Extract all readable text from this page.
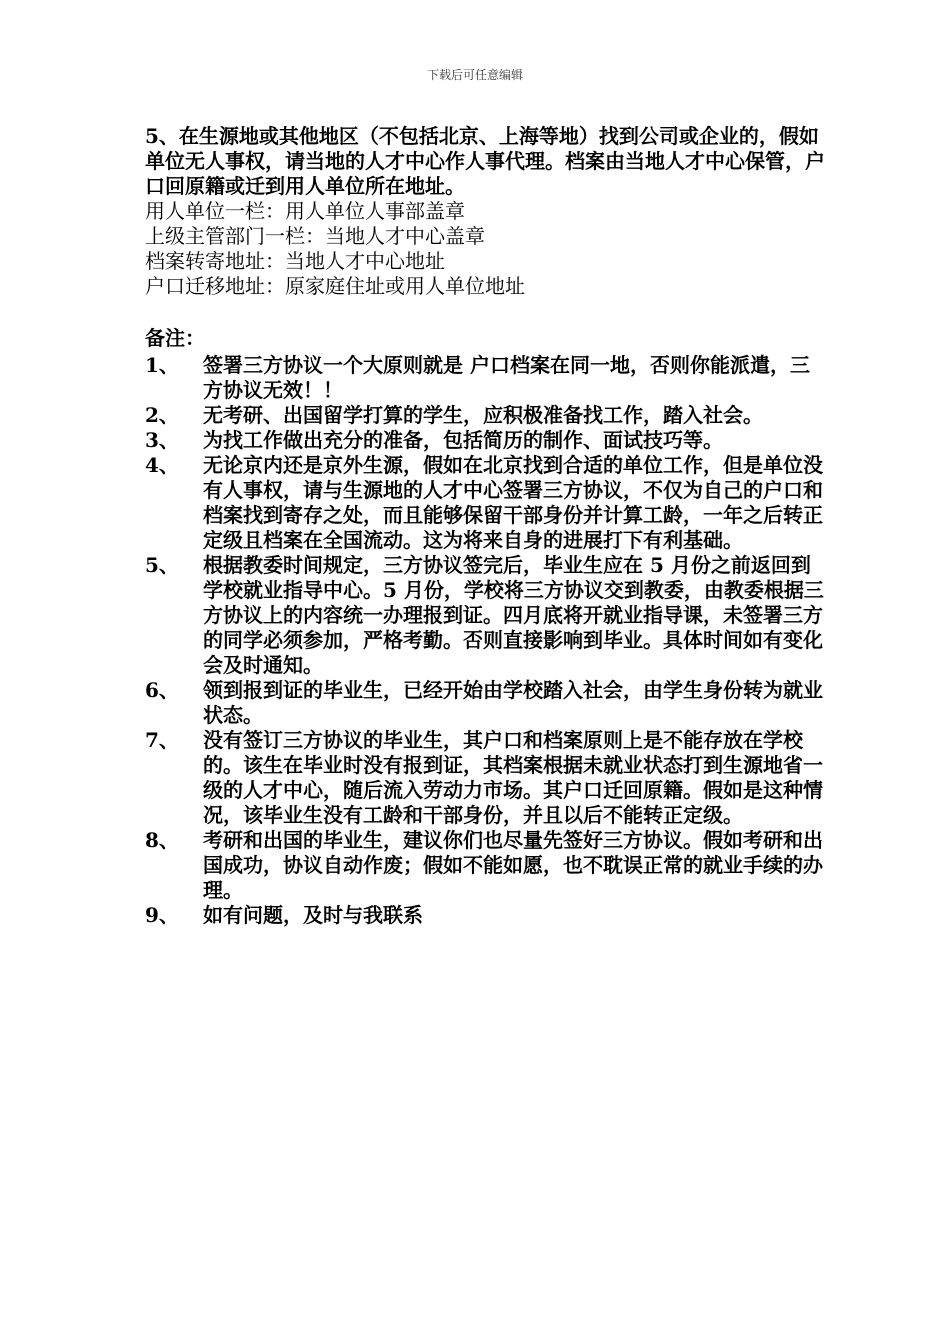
下载后可任意编辑

5、在生源地或其他地区（不包括北京、上海等地）找到公司或企业的，假如单位无人事权，请当地的人才中心作人事代理。档案由当地人才中心保管，户口回原籍或迁到用人单位所在地址。

用人单位一栏：用人单位人事部盖章

上级主管部门一栏：当地人才中心盖章

档案转寄地址：当地人才中心地址

户口迁移地址：原家庭住址或用人单位地址

备注：

1、	签署三方协议一个大原则就是 户口档案在同一地，否则你能派遣，三方协议无效！！
2、	无考研、出国留学打算的学生，应积极准备找工作，踏入社会。
3、	为找工作做出充分的准备，包括简历的制作、面试技巧等。
4、	无论京内还是京外生源，假如在北京找到合适的单位工作，但是单位没有人事权，请与生源地的人才中心签署三方协议，不仅为自己的户口和档案找到寄存之处，而且能够保留干部身份并计算工龄，一年之后转正定级且档案在全国流动。这为将来自身的进展打下有利基础。
5、	根据教委时间规定，三方协议签完后，毕业生应在 5 月份之前返回到学校就业指导中心。5 月份，学校将三方协议交到教委，由教委根据三方协议上的内容统一办理报到证。四月底将开就业指导课，未签署三方的同学必须参加，严格考勤。否则直接影响到毕业。具体时间如有变化会及时通知。
6、	领到报到证的毕业生，已经开始由学校踏入社会，由学生身份转为就业状态。
7、	没有签订三方协议的毕业生，其户口和档案原则上是不能存放在学校的。该生在毕业时没有报到证，其档案根据未就业状态打到生源地省一级的人才中心，随后流入劳动力市场。其户口迁回原籍。假如是这种情况，该毕业生没有工龄和干部身份，并且以后不能转正定级。
8、	考研和出国的毕业生，建议你们也尽量先签好三方协议。假如考研和出国成功，协议自动作废；假如不能如愿，也不耽误正常的就业手续的办理。
9、	如有问题，及时与我联系
